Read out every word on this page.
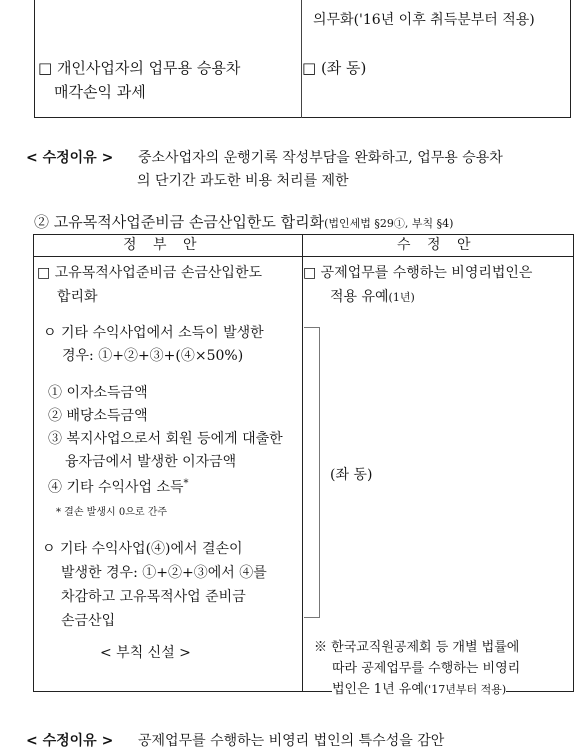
의무화('16년 이후 취득분부터 적용)
□ 개인사업자의 업무용 승용차
매각손익 과세
□ (좌 동)
< 수정이유 > 중소사업자의 운행기록 작성부담을 완화하고, 업무용 승용차
의 단기간 과도한 비용 처리를 제한
② 고유목적사업준비금 손금산입한도 합리화(법인세법 §29①, 부칙 §4)
정 부 안	수 정 안
□ 고유목적사업준비금 손금산입한도
합리화
ㅇ 기타 수익사업에서 소득이 발생한
경우: ①+②+③+(④×50%)
① 이자소득금액
② 배당소득금액
③ 복지사업으로서 회원 등에게 대출한
융자금에서 발생한 이자금액
④ 기타 수익사업 소득*
* 결손 발생시 0으로 간주
ㅇ 기타 수익사업(④)에서 결손이
발생한 경우: ①+②+③에서 ④를
차감하고 고유목적사업 준비금
손금산입
< 부칙 신설 >
□ 공제업무를 수행하는 비영리법인은
적용 유예(1년)
(좌 동)
※ 한국교직원공제회 등 개별 법률에
따라 공제업무를 수행하는 비영리
법인은 1년 유예('17년부터 적용)
< 수정이유 > 공제업무를 수행하는 비영리 법인의 특수성을 감안
